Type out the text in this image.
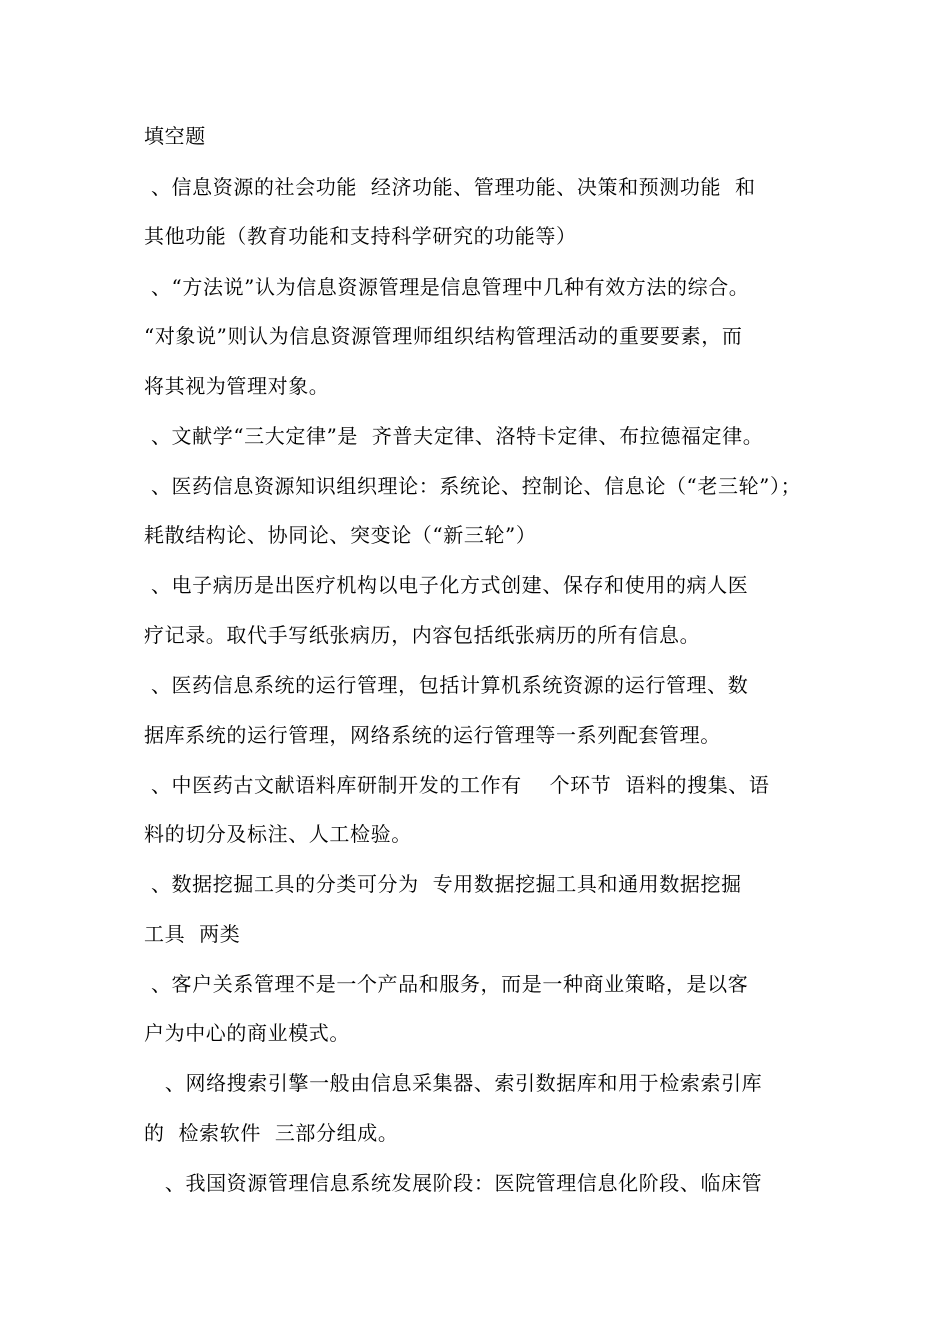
填空题
、信息资源的社会功能  经济功能、管理功能、决策和预测功能  和
其他功能（教育功能和支持科学研究的功能等）
、“方法说”认为信息资源管理是信息管理中几种有效方法的综合。
“对象说”则认为信息资源管理师组织结构管理活动的重要要素，而
将其视为管理对象。
、文献学“三大定律”是  齐普夫定律、洛特卡定律、布拉德福定律。
、医药信息资源知识组织理论：系统论、控制论、信息论（“老三轮”）；
耗散结构论、协同论、突变论（“新三轮”）
、电子病历是出医疗机构以电子化方式创建、保存和使用的病人医
疗记录。取代手写纸张病历，内容包括纸张病历的所有信息。
、医药信息系统的运行管理，包括计算机系统资源的运行管理、数
据库系统的运行管理，网络系统的运行管理等一系列配套管理。
、中医药古文献语料库研制开发的工作有    个环节  语料的搜集、语
料的切分及标注、人工检验。
、数据挖掘工具的分类可分为  专用数据挖掘工具和通用数据挖掘
工具  两类
、客户关系管理不是一个产品和服务，而是一种商业策略，是以客
户为中心的商业模式。
、网络搜索引擎一般由信息采集器、索引数据库和用于检索索引库
的  检索软件  三部分组成。
、我国资源管理信息系统发展阶段：医院管理信息化阶段、临床管
